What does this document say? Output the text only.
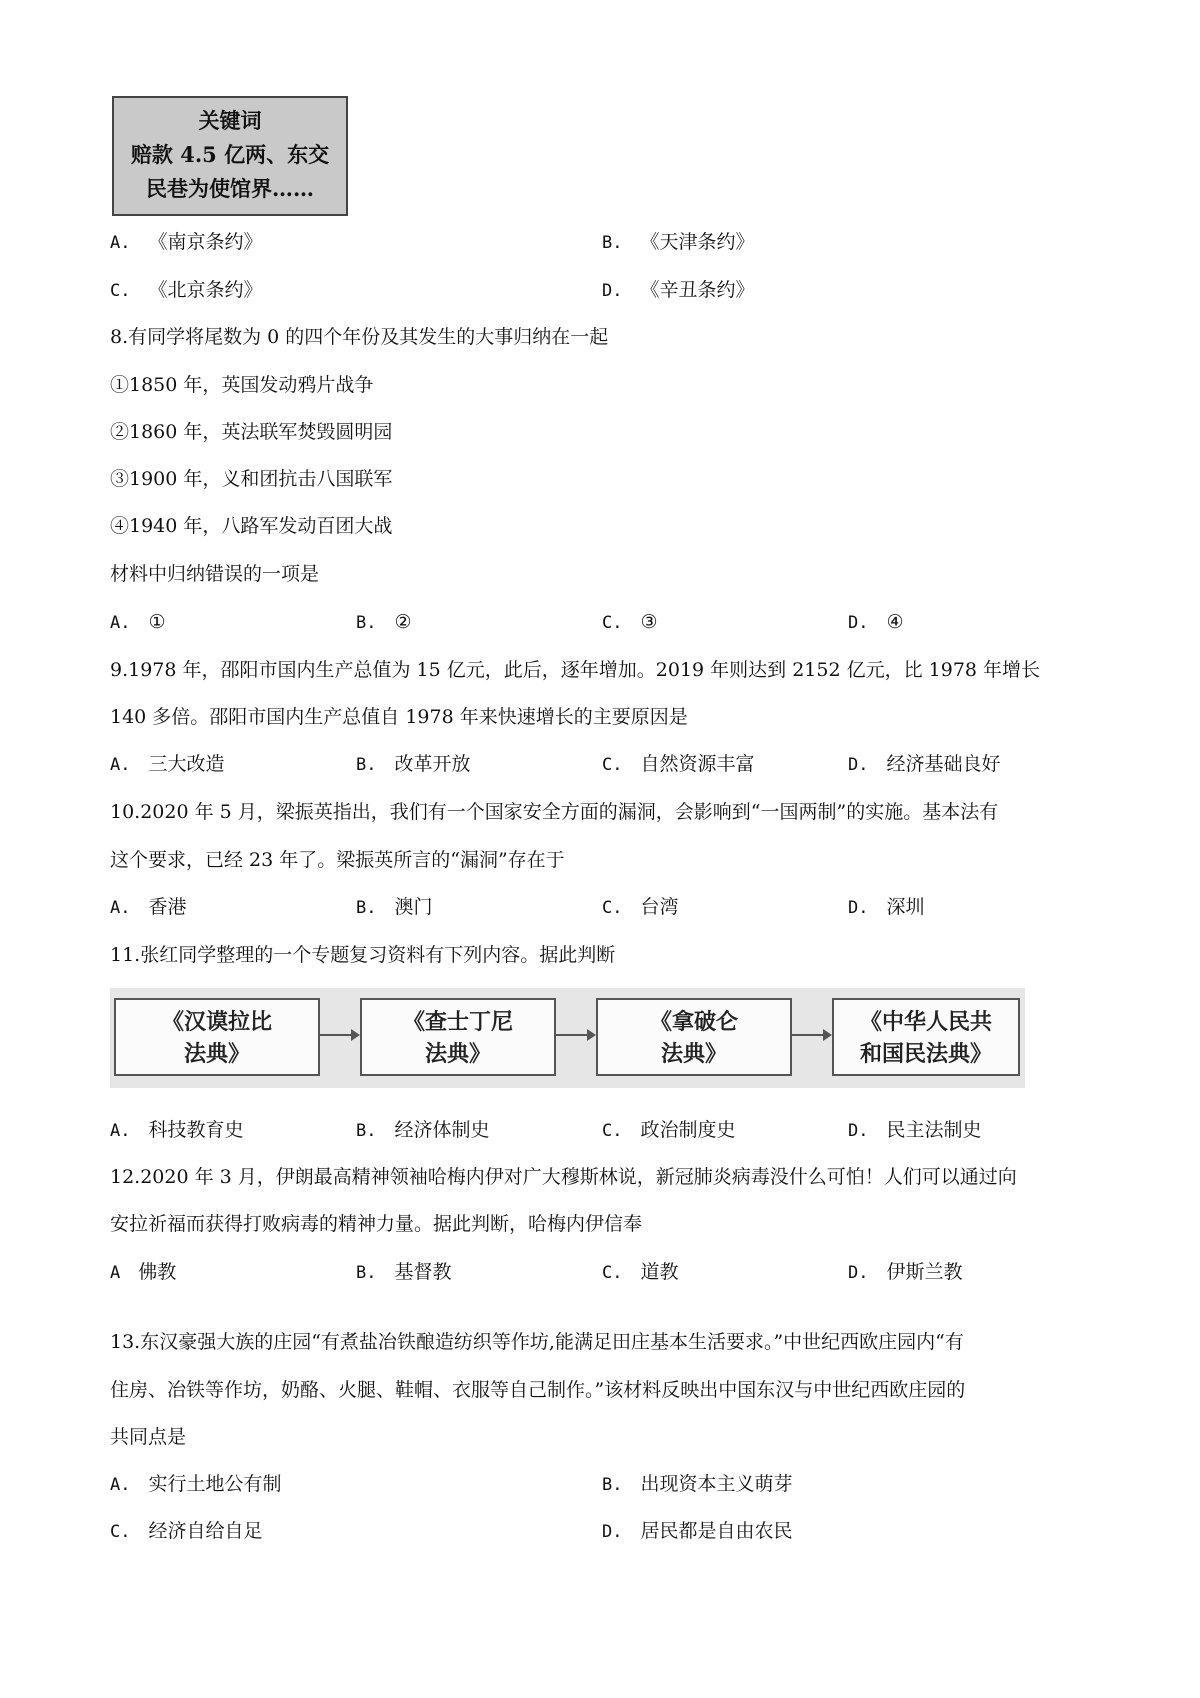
关键词
赔款 4.5 亿两、东交
民巷为使馆界……
A. 《南京条约》	B. 《天津条约》
C. 《北京条约》	D. 《辛丑条约》
8.有同学将尾数为 0 的四个年份及其发生的大事归纳在一起
①1850 年，英国发动鸦片战争
②1860 年，英法联军焚毁圆明园
③1900 年，义和团抗击八国联军
④1940 年，八路军发动百团大战
材料中归纳错误的一项是
A. ①	B. ②	C. ③	D. ④
9.1978 年，邵阳市国内生产总值为 15 亿元，此后，逐年增加。2019 年则达到 2152 亿元，比 1978 年增长
140 多倍。邵阳市国内生产总值自 1978 年来快速增长的主要原因是
A. 三大改造	B. 改革开放	C. 自然资源丰富	D. 经济基础良好
10.2020 年 5 月，梁振英指出，我们有一个国家安全方面的漏洞，会影响到“一国两制”的实施。基本法有
这个要求，已经 23 年了。梁振英所言的“漏洞”存在于
A. 香港	B. 澳门	C. 台湾	D. 深圳
11.张红同学整理的一个专题复习资料有下列内容。据此判断
《汉谟拉比
法典》
《查士丁尼
法典》
《拿破仑
法典》
《中华人民共
和国民法典》
A. 科技教育史	B. 经济体制史	C. 政治制度史	D. 民主法制史
12.2020 年 3 月，伊朗最高精神领袖哈梅内伊对广大穆斯林说，新冠肺炎病毒没什么可怕！人们可以通过向
安拉祈福而获得打败病毒的精神力量。据此判断，哈梅内伊信奉
A 佛教	B. 基督教	C. 道教	D. 伊斯兰教
13.东汉豪强大族的庄园“有煮盐冶铁酿造纺织等作坊,能满足田庄基本生活要求。”中世纪西欧庄园内“有
住房、冶铁等作坊，奶酪、火腿、鞋帽、衣服等自己制作。”该材料反映出中国东汉与中世纪西欧庄园的
共同点是
A. 实行土地公有制	B. 出现资本主义萌芽
C. 经济自给自足	D. 居民都是自由农民
